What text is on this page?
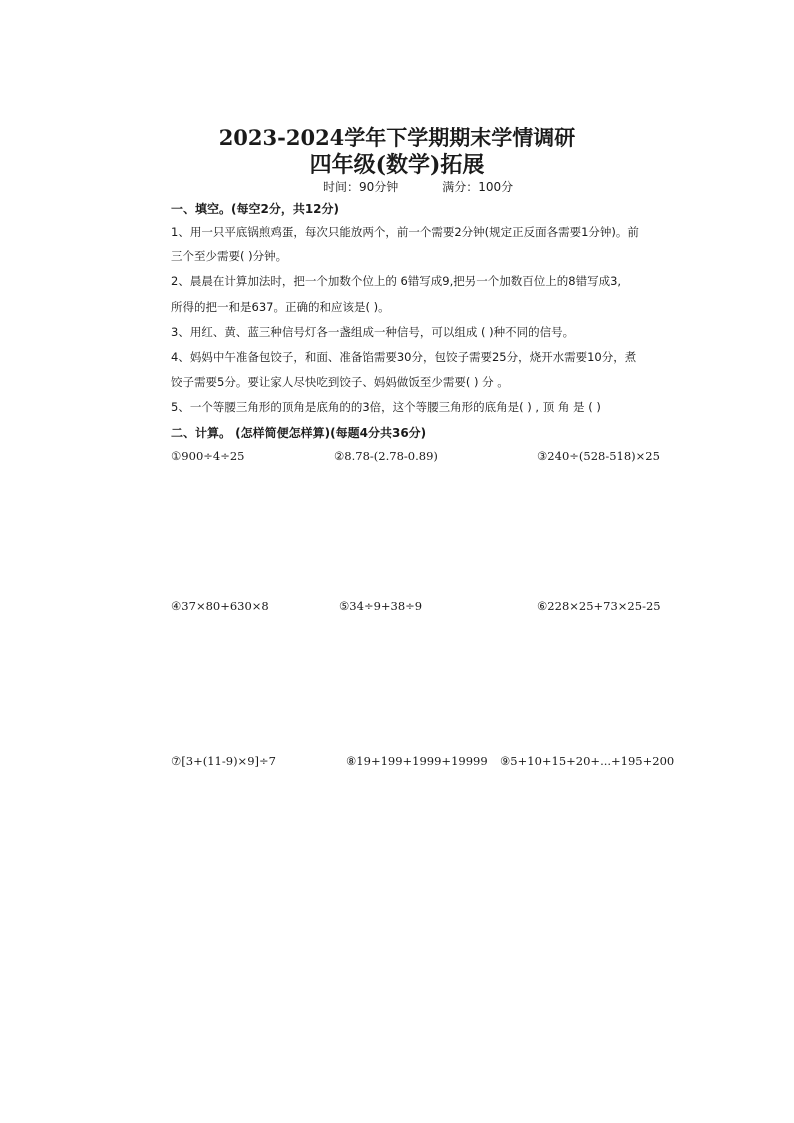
2023-2024学年下学期期末学情调研
四年级(数学)拓展
时间：90分钟	满分：100分
一、填空。(每空2分，共12分)
1、用一只平底锅煎鸡蛋，每次只能放两个，前一个需要2分钟(规定正反面各需要1分钟)。前
三个至少需要( )分钟。
2、晨晨在计算加法时，把一个加数个位上的 6错写成9,把另一个加数百位上的8错写成3,
所得的把一和是637。正确的和应该是( )。
3、用红、黄、蓝三种信号灯各一盏组成一种信号，可以组成 ( )种不同的信号。
4、妈妈中午准备包饺子，和面、准备馅需要30分，包饺子需要25分，烧开水需要10分，煮
饺子需要5分。要让家人尽快吃到饺子、妈妈做饭至少需要( ) 分 。
5、一个等腰三角形的顶角是底角的的3倍，这个等腰三角形的底角是( ) , 顶 角 是 ( )
二、计算。 (怎样简便怎样算)(每题4分共36分)
①900÷4÷25	②8.78-(2.78-0.89)	③240÷(528-518)×25
④37×80+630×8	⑤34÷9+38÷9	⑥228×25+73×25-25
⑦[3+(11-9)×9]÷7	⑧19+199+1999+19999 ⑨5+10+15+20+...+195+200
